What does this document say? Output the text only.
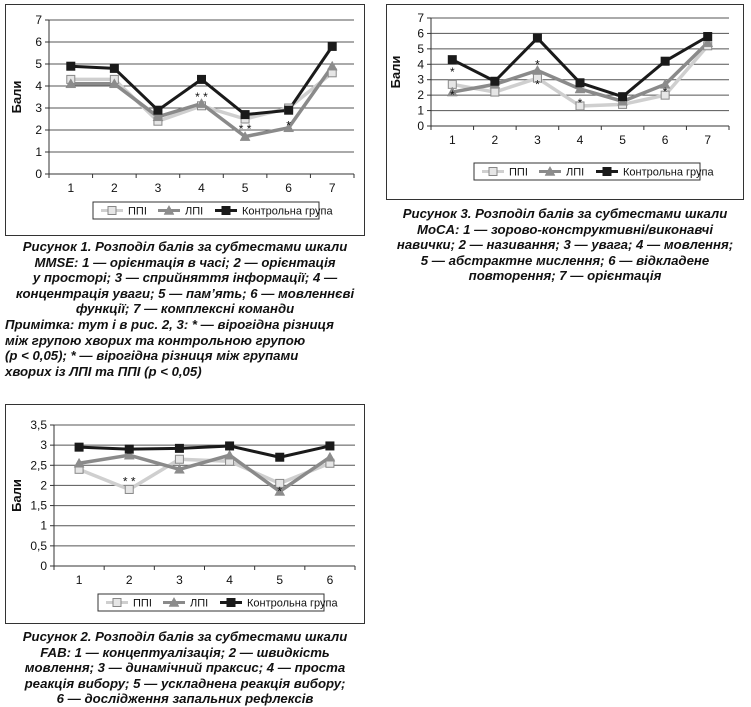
0
1
2
3
4
5
6
7
1	2	3	4	5	6	7
Бали	* *
* *	*
ППІ	ЛПІ	Контрольна група
Рисунок 1. Розподіл балів за субтестами шкали
MMSE: 1 — орієнтація в часі; 2 — орієнтація
у просторі; 3 — сприйняття інформації; 4 —
концентрація уваги; 5 — пам’ять; 6 — мовленнєві
функції; 7 — комплексні команди
Примітка: тут і в рис. 2, 3: * — вірогідна різниця
між групою хворих та контрольною групою
(р < 0,05); * — вірогідна різниця між групами
хворих із ЛПІ та ППІ (р < 0,05)
0
1
2
3
4
5
6
7
1	2	3	4	5	6	7
Бали	*
*
*
*
*
*
ППІ	ЛПІ	Контрольна група
Рисунок 3. Розподіл балів за субтестами шкали
MoCA: 1 — зорово-конструктивні/виконавчі
навички; 2 — називання; 3 — увага; 4 — мовлення;
5 — абстрактне мислення; 6 — відкладене
повторення; 7 — орієнтація
0
0,5
1
1,5
2
2,5
3
3,5
1	2	3	4	5	6
Бали	* *
*
ППІ	ЛПІ	Контрольна група
Рисунок 2. Розподіл балів за субтестами шкали
FAB: 1 — концептуалізація; 2 — швидкість
мовлення; 3 — динамічний праксис; 4 — проста
реакція вибору; 5 — ускладнена реакція вибору;
6 — дослідження запальних рефлексів
